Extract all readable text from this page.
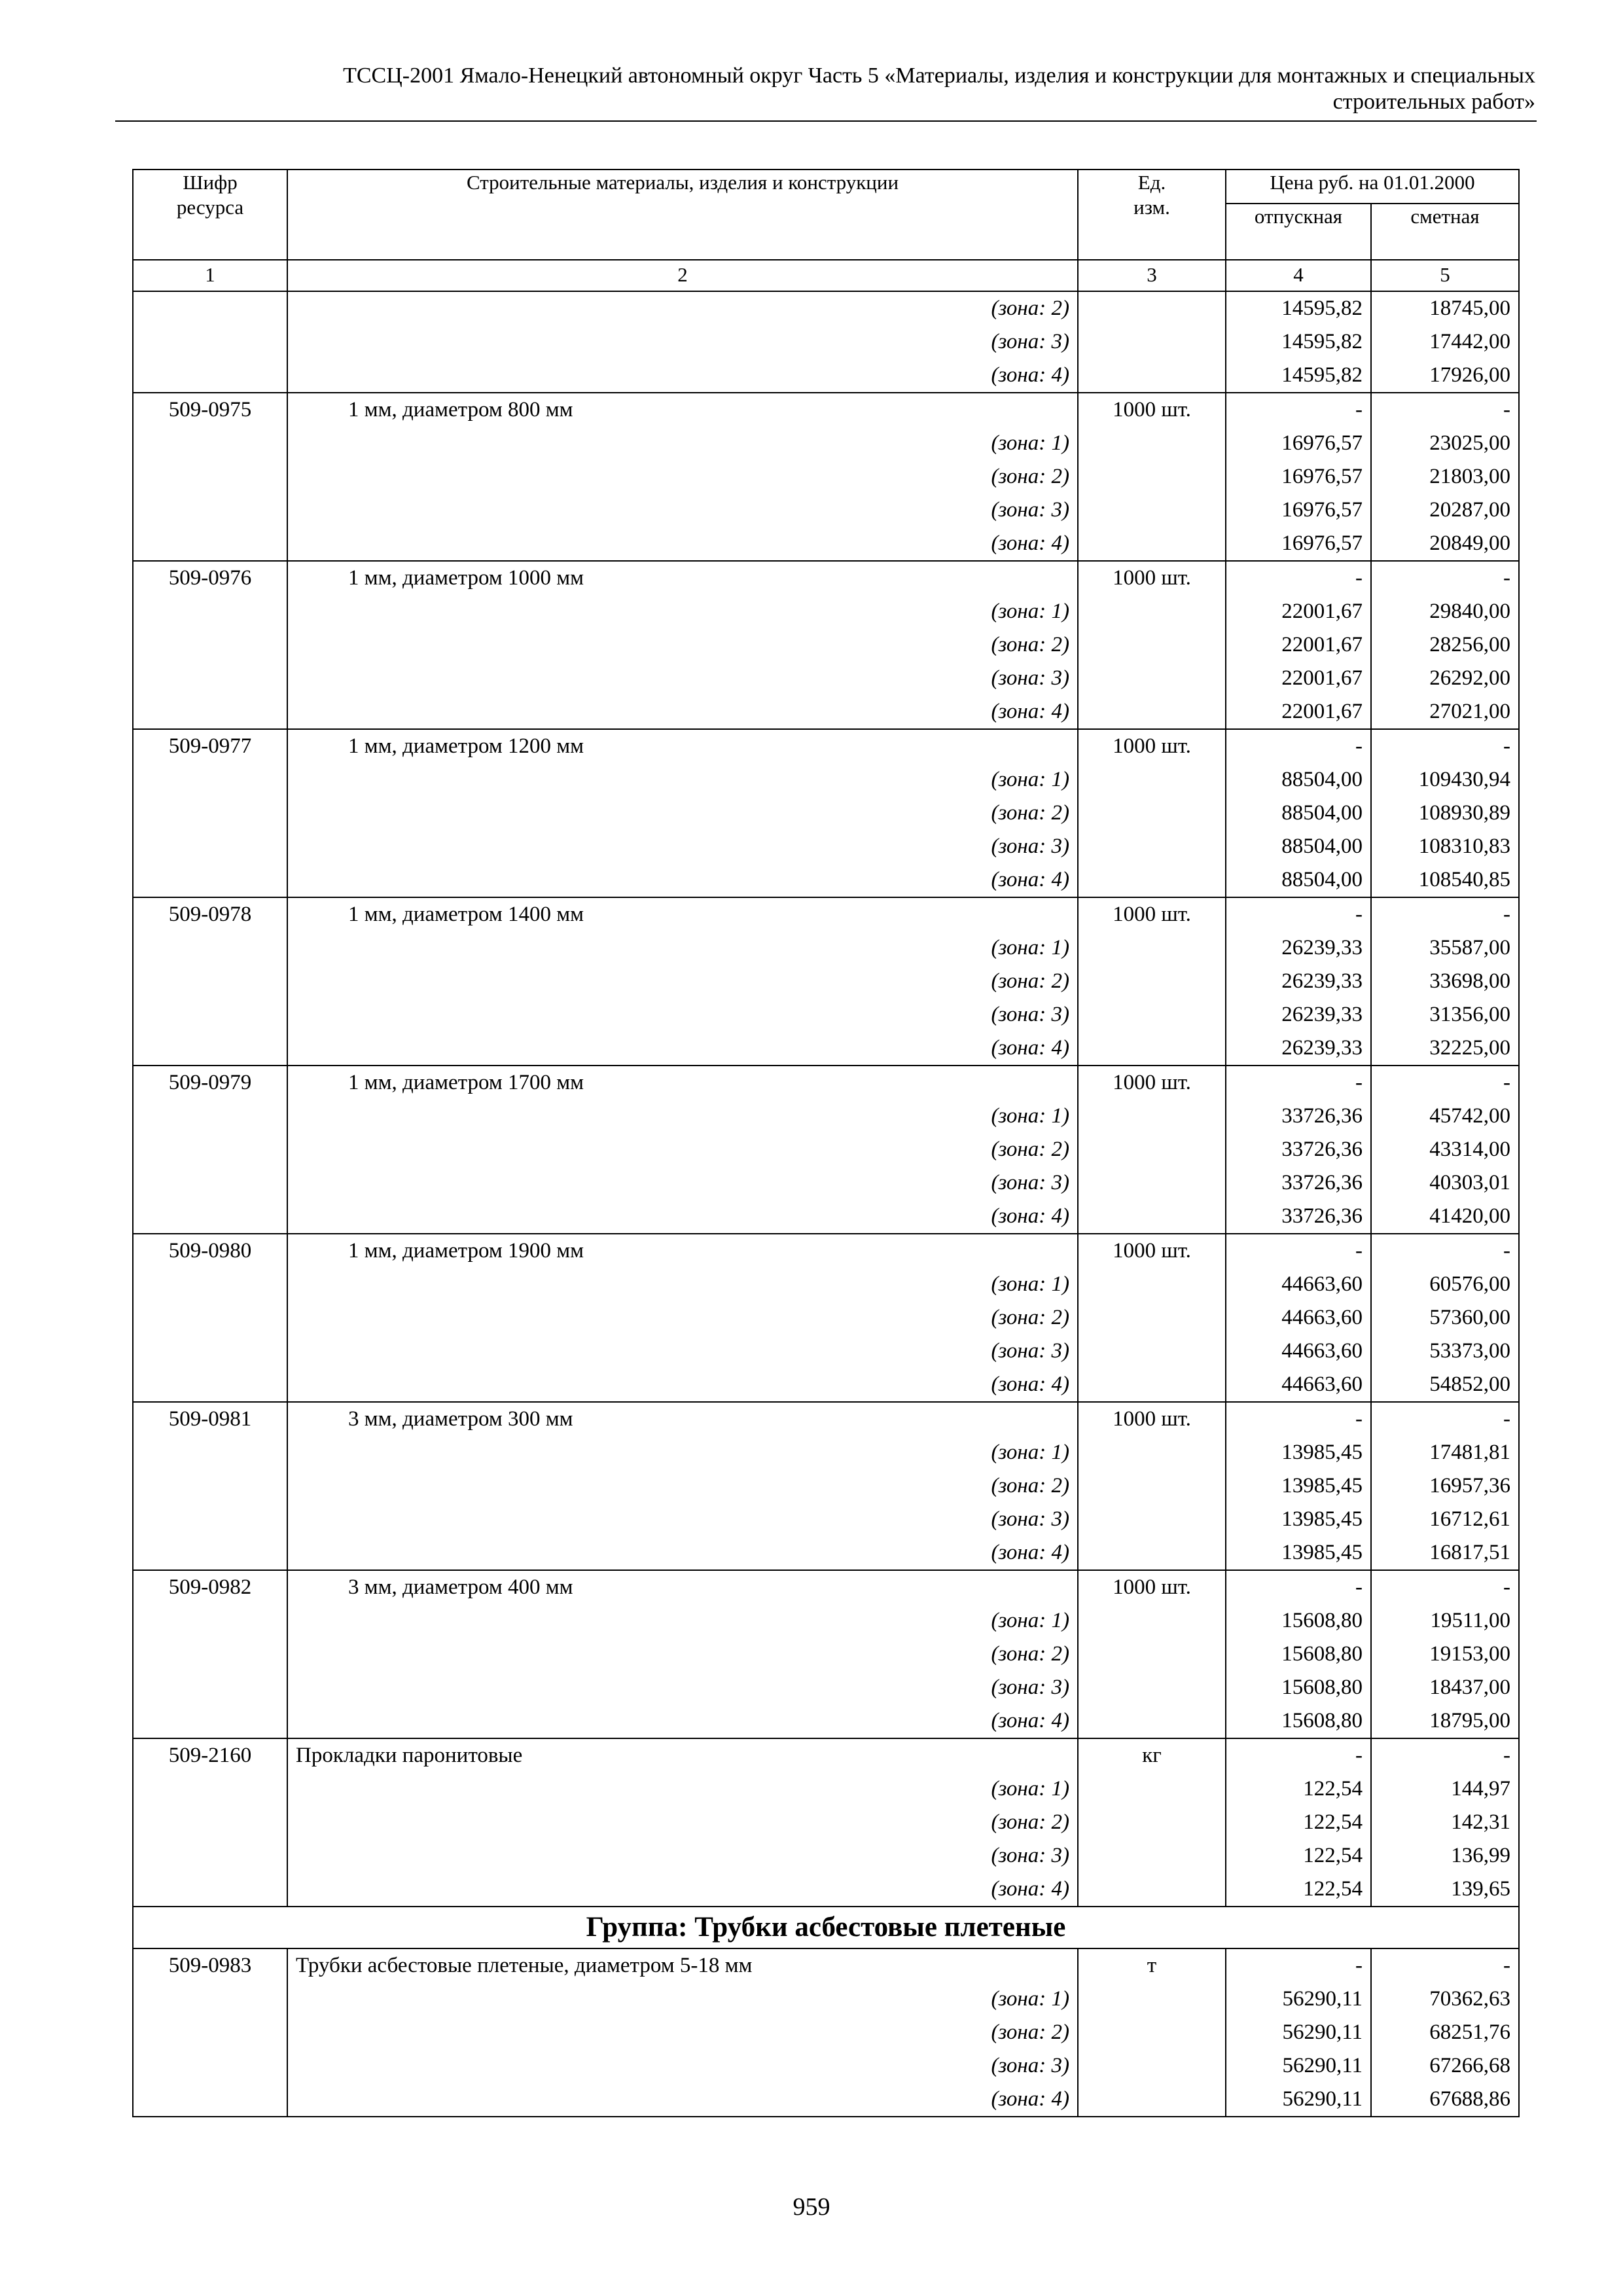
ТССЦ-2001 Ямало-Ненецкий автономный округ Часть 5 «Материалы, изделия и конструкции для монтажных и специальных
строительных работ»
Шифр ресурса	Строительные материалы, изделия и конструкции	Ед. изм.	Цена руб. на 01.01.2000	
			отпускная	сметная
1	2	3	4	5
	(зона: 2)		14595,82	18745,00
	(зона: 3)		14595,82	17442,00
	(зона: 4)		14595,82	17926,00
509-0975	1 мм, диаметром 800 мм	1000 шт.	-	-
	(зона: 1)		16976,57	23025,00
	(зона: 2)		16976,57	21803,00
	(зона: 3)		16976,57	20287,00
	(зона: 4)		16976,57	20849,00
509-0976	1 мм, диаметром 1000 мм	1000 шт.	-	-
	(зона: 1)		22001,67	29840,00
	(зона: 2)		22001,67	28256,00
	(зона: 3)		22001,67	26292,00
	(зона: 4)		22001,67	27021,00
509-0977	1 мм, диаметром 1200 мм	1000 шт.	-	-
	(зона: 1)		88504,00	109430,94
	(зона: 2)		88504,00	108930,89
	(зона: 3)		88504,00	108310,83
	(зона: 4)		88504,00	108540,85
509-0978	1 мм, диаметром 1400 мм	1000 шт.	-	-
	(зона: 1)		26239,33	35587,00
	(зона: 2)		26239,33	33698,00
	(зона: 3)		26239,33	31356,00
	(зона: 4)		26239,33	32225,00
509-0979	1 мм, диаметром 1700 мм	1000 шт.	-	-
	(зона: 1)		33726,36	45742,00
	(зона: 2)		33726,36	43314,00
	(зона: 3)		33726,36	40303,01
	(зона: 4)		33726,36	41420,00
509-0980	1 мм, диаметром 1900 мм	1000 шт.	-	-
	(зона: 1)		44663,60	60576,00
	(зона: 2)		44663,60	57360,00
	(зона: 3)		44663,60	53373,00
	(зона: 4)		44663,60	54852,00
509-0981	3 мм, диаметром 300 мм	1000 шт.	-	-
	(зона: 1)		13985,45	17481,81
	(зона: 2)		13985,45	16957,36
	(зона: 3)		13985,45	16712,61
	(зона: 4)		13985,45	16817,51
509-0982	3 мм, диаметром 400 мм	1000 шт.	-	-
	(зона: 1)		15608,80	19511,00
	(зона: 2)		15608,80	19153,00
	(зона: 3)		15608,80	18437,00
	(зона: 4)		15608,80	18795,00
509-2160	Прокладки паронитовые	кг	-	-
	(зона: 1)		122,54	144,97
	(зона: 2)		122,54	142,31
	(зона: 3)		122,54	136,99
	(зона: 4)		122,54	139,65
Группа: Трубки асбестовые плетеные				
509-0983	Трубки асбестовые плетеные, диаметром 5-18 мм	т	-	-
	(зона: 1)		56290,11	70362,63
	(зона: 2)		56290,11	68251,76
	(зона: 3)		56290,11	67266,68
	(зона: 4)		56290,11	67688,86
959
